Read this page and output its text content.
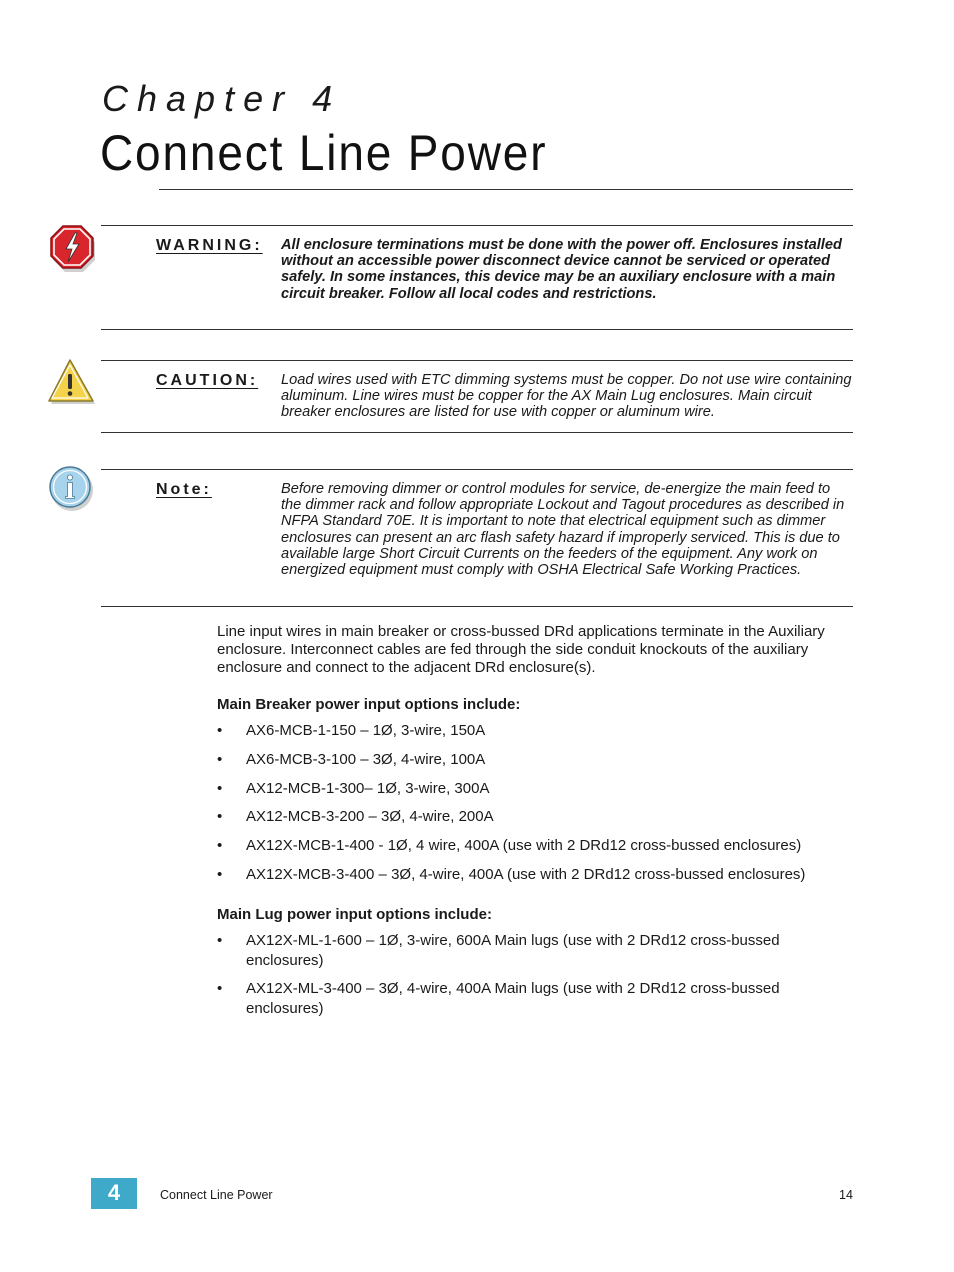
Chapter 4
Connect Line Power
WARNING: All enclosure terminations must be done with the power off. Enclosures installed without an accessible power disconnect device cannot be serviced or operated safely. In some instances, this device may be an auxiliary enclosure with a main circuit breaker. Follow all local codes and restrictions.
CAUTION: Load wires used with ETC dimming systems must be copper. Do not use wire containing aluminum. Line wires must be copper for the AX Main Lug enclosures. Main circuit breaker enclosures are listed for use with copper or aluminum wire.
Note:	Before removing dimmer or control modules for service, de-energize the main feed to the dimmer rack and follow appropriate Lockout and Tagout procedures as described in NFPA Standard 70E. It is important to note that electrical equipment such as dimmer enclosures can present an arc flash safety hazard if improperly serviced. This is due to available large Short Circuit Currents on the feeders of the equipment. Any work on energized equipment must comply with OSHA Electrical Safe Working Practices.

Line input wires in main breaker or cross-bussed DRd applications terminate in the Auxiliary enclosure. Interconnect cables are fed through the side conduit knockouts of the auxiliary enclosure and connect to the adjacent DRd enclosure(s).

Main Breaker power input options include:
• AX6-MCB-1-150 – 1Ø, 3-wire, 150A
• AX6-MCB-3-100 – 3Ø, 4-wire, 100A
• AX12-MCB-1-300– 1Ø, 3-wire, 300A
• AX12-MCB-3-200 – 3Ø, 4-wire, 200A
• AX12X-MCB-1-400 - 1Ø, 4 wire, 400A (use with 2 DRd12 cross-bussed enclosures)
• AX12X-MCB-3-400 – 3Ø, 4-wire, 400A (use with 2 DRd12 cross-bussed enclosures)
Main Lug power input options include:
• AX12X-ML-1-600 – 1Ø, 3-wire, 600A Main lugs (use with 2 DRd12 cross-bussed enclosures)
• AX12X-ML-3-400 – 3Ø, 4-wire, 400A Main lugs (use with 2 DRd12 cross-bussed enclosures)
4	Connect Line Power	14
